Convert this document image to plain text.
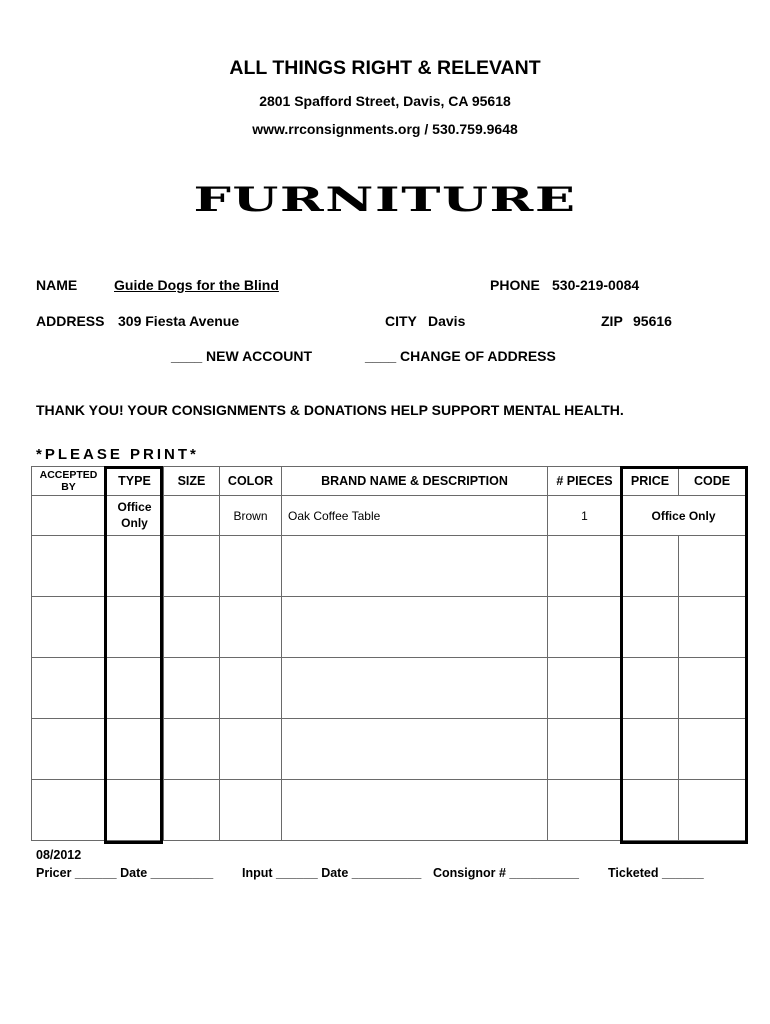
ALL THINGS RIGHT & RELEVANT
2801 Spafford Street, Davis, CA 95618
www.rrconsignments.org / 530.759.9648
FURNITURE
NAME	Guide Dogs for the Blind	PHONE 530-219-0084
ADDRESS 309 Fiesta Avenue	CITY Davis	ZIP 95616
____ NEW ACCOUNT	____ CHANGE OF ADDRESS
THANK YOU! YOUR CONSIGNMENTS & DONATIONS HELP SUPPORT MENTAL HEALTH.
*PLEASE PRINT*
ACCEPTED BY	TYPE	SIZE	COLOR	BRAND NAME & DESCRIPTION	# PIECES	PRICE	CODE
	Office Only		Brown	Oak Coffee Table	1	Office Only	

08/2012
Pricer ______ Date _________ Input ______ Date __________ Consignor # __________ Ticketed ______
